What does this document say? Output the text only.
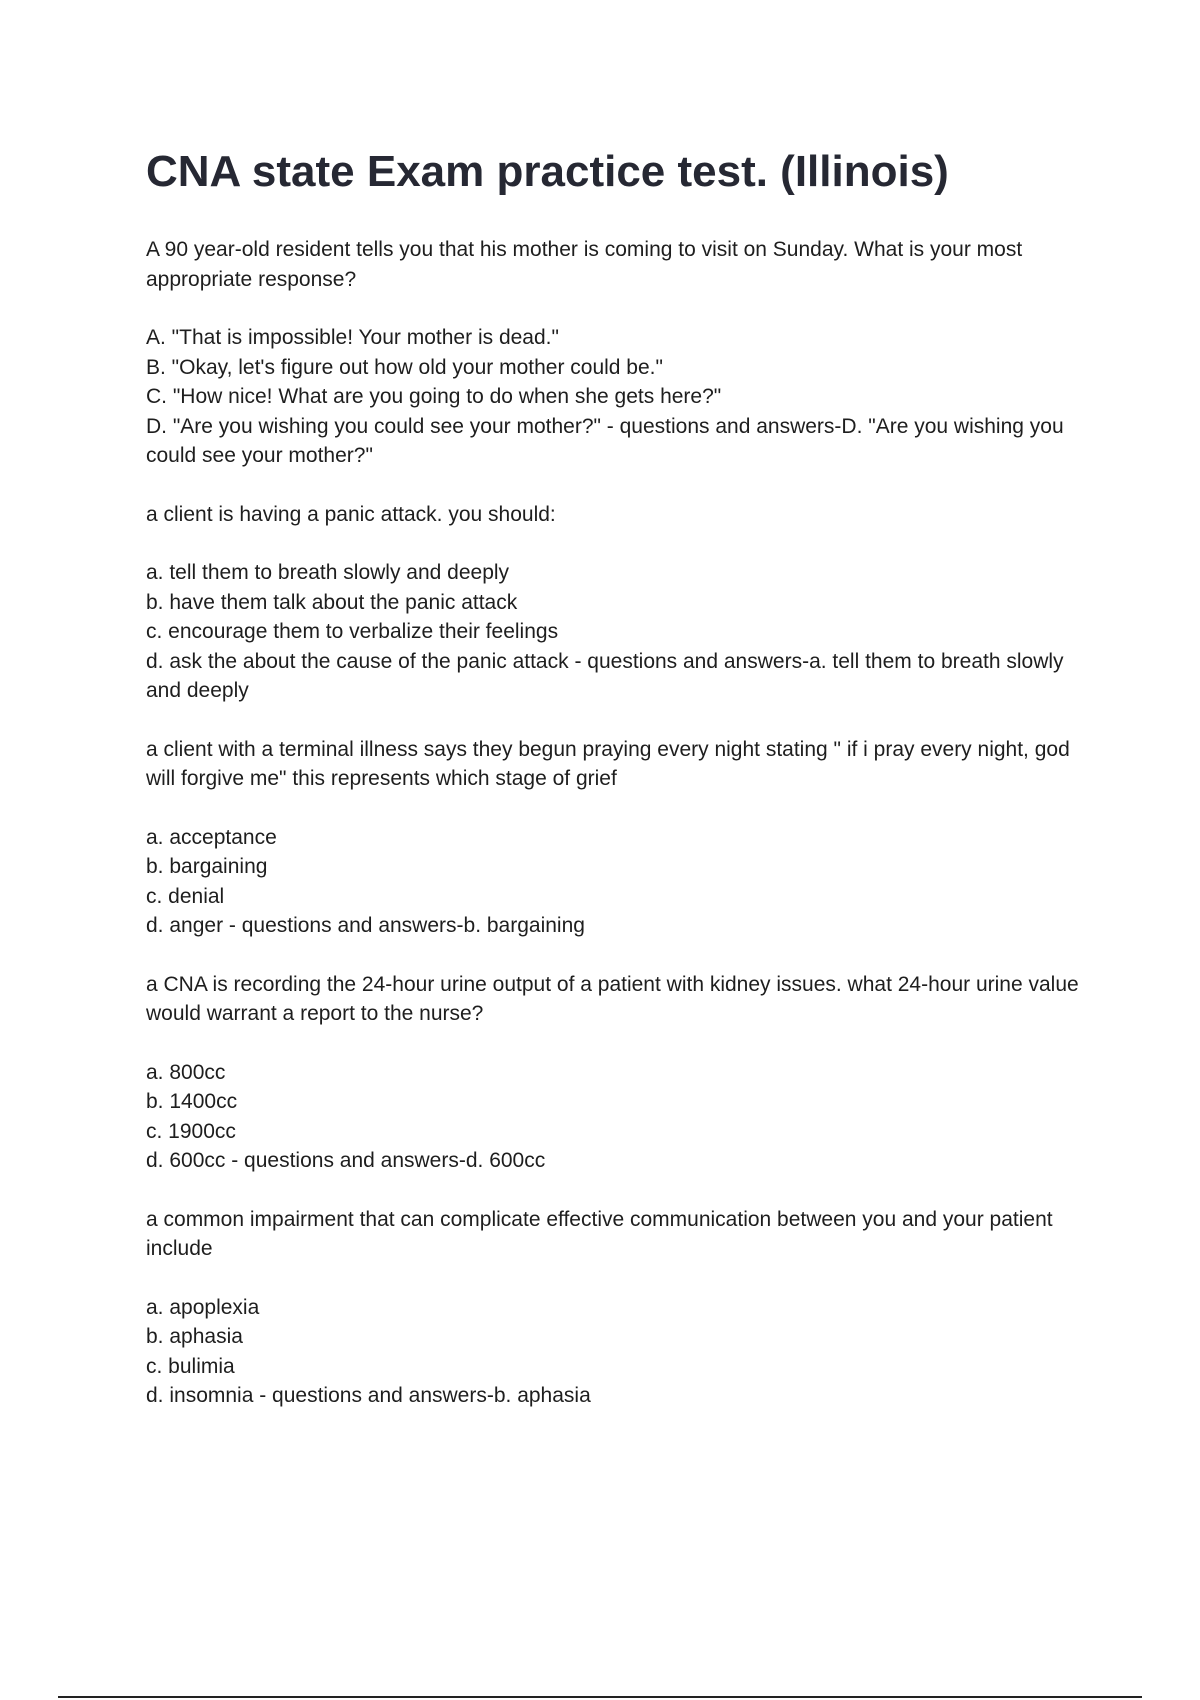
CNA state Exam practice test. (Illinois)

A 90 year-old resident tells you that his mother is coming to visit on Sunday. What is your most appropriate response?

A. "That is impossible! Your mother is dead."
B. "Okay, let's figure out how old your mother could be."
C. "How nice! What are you going to do when she gets here?"
D. "Are you wishing you could see your mother?" - questions and answers-D. "Are you wishing you could see your mother?"

a client is having a panic attack. you should:

a. tell them to breath slowly and deeply
b. have them talk about the panic attack
c. encourage them to verbalize their feelings
d. ask the about the cause of the panic attack - questions and answers-a. tell them to breath slowly and deeply

a client with a terminal illness says they begun praying every night stating " if i pray every night, god will forgive me" this represents which stage of grief

a. acceptance
b. bargaining
c. denial
d. anger - questions and answers-b. bargaining

a CNA is recording the 24-hour urine output of a patient with kidney issues. what 24-hour urine value would warrant a report to the nurse?

a. 800cc
b. 1400cc
c. 1900cc
d. 600cc - questions and answers-d. 600cc

a common impairment that can complicate effective communication between you and your patient include

a. apoplexia
b. aphasia
c. bulimia
d. insomnia - questions and answers-b. aphasia
